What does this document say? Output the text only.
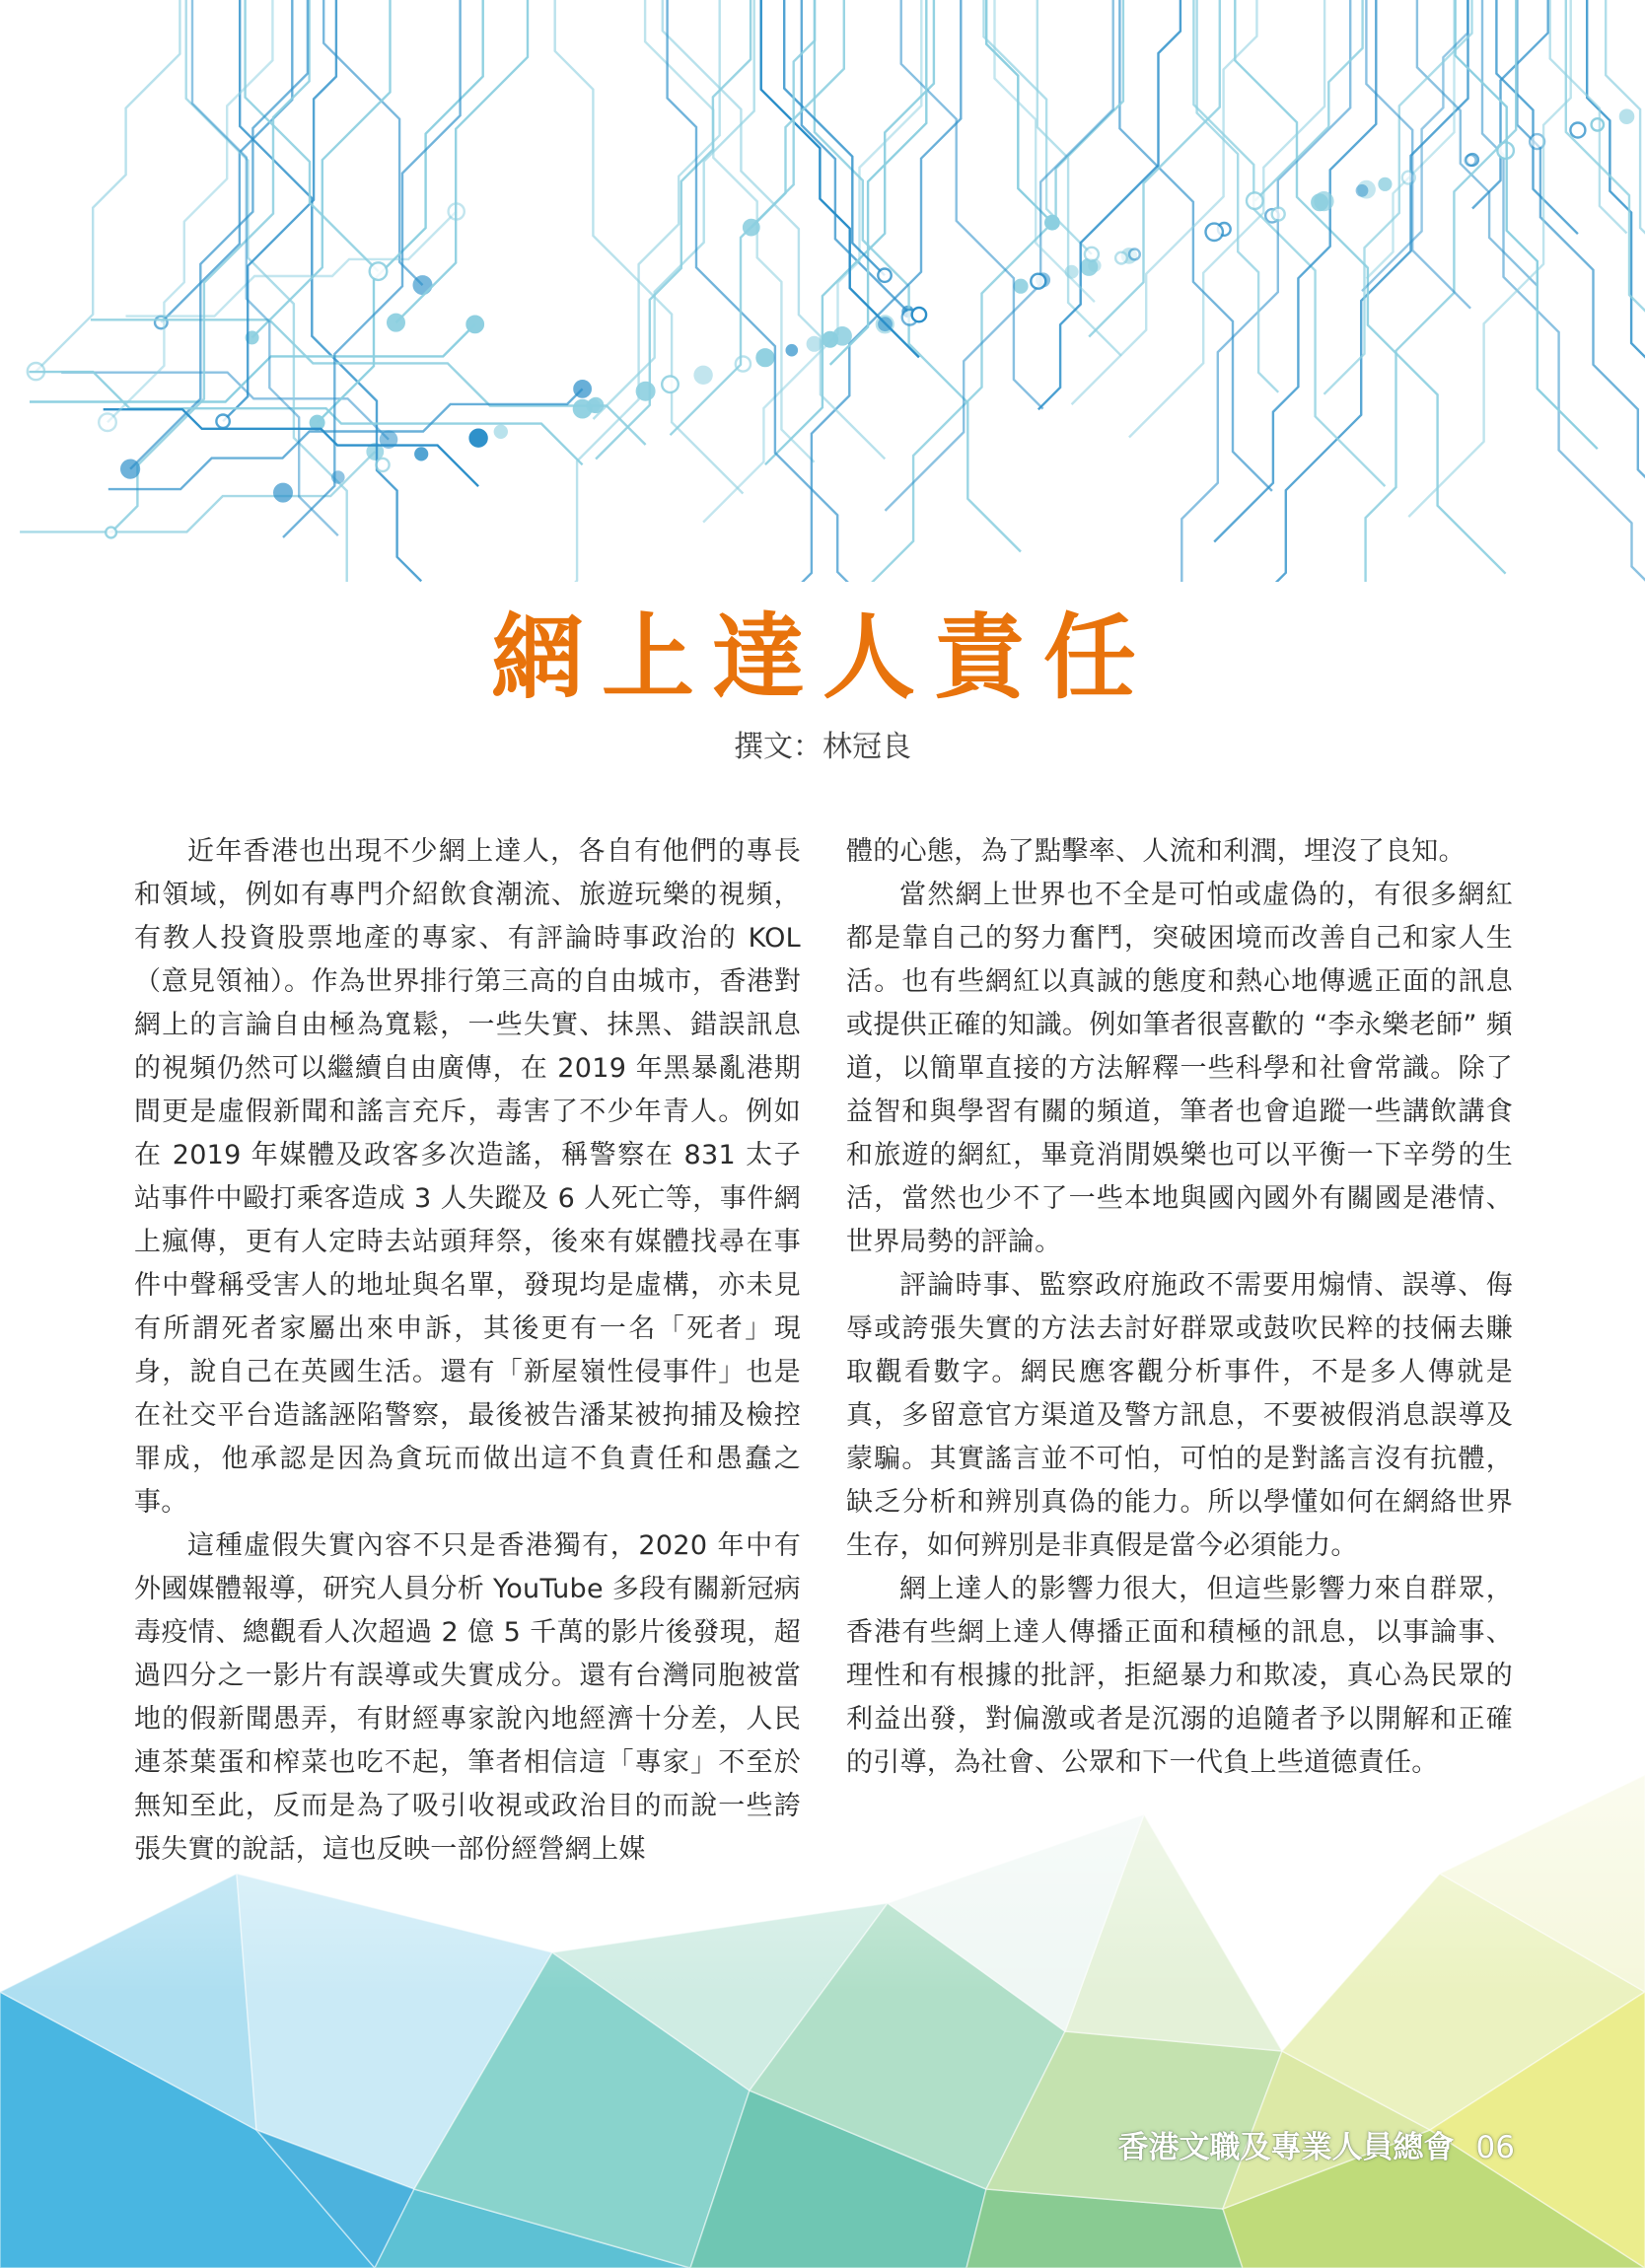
網上達人責任
撰文：林冠良

近年香港也出現不少網上達人，各自有他們的專長和領域，例如有專門介紹飲食潮流、旅遊玩樂的視頻，有教人投資股票地產的專家、有評論時事政治的 KOL（意見領袖）。作為世界排行第三高的自由城市，香港對網上的言論自由極為寬鬆，一些失實、抹黑、錯誤訊息的視頻仍然可以繼續自由廣傳，在 2019 年黑暴亂港期間更是虛假新聞和謠言充斥，毒害了不少年青人。例如在 2019 年媒體及政客多次造謠，稱警察在 831 太子站事件中毆打乘客造成 3 人失蹤及 6 人死亡等，事件網上瘋傳，更有人定時去站頭拜祭，後來有媒體找尋在事件中聲稱受害人的地址與名單，發現均是虛構，亦未見有所謂死者家屬出來申訴，其後更有一名「死者」現身，說自己在英國生活。還有「新屋嶺性侵事件」也是在社交平台造謠誣陷警察，最後被告潘某被拘捕及檢控罪成，他承認是因為貪玩而做出這不負責任和愚蠢之事。

這種虛假失實內容不只是香港獨有，2020 年中有外國媒體報導，研究人員分析 YouTube 多段有關新冠病毒疫情、總觀看人次超過 2 億 5 千萬的影片後發現，超過四分之一影片有誤導或失實成分。還有台灣同胞被當地的假新聞愚弄，有財經專家說內地經濟十分差，人民連茶葉蛋和榨菜也吃不起，筆者相信這「專家」不至於無知至此，反而是為了吸引收視或政治目的而說一些誇張失實的說話，這也反映一部份經營網上媒

體的心態，為了點擊率、人流和利潤，埋沒了良知。

當然網上世界也不全是可怕或虛偽的，有很多網紅都是靠自己的努力奮鬥，突破困境而改善自己和家人生活。也有些網紅以真誠的態度和熱心地傳遞正面的訊息或提供正確的知識。例如筆者很喜歡的 “李永樂老師” 頻道，以簡單直接的方法解釋一些科學和社會常識。除了益智和與學習有關的頻道，筆者也會追蹤一些講飲講食和旅遊的網紅，畢竟消閒娛樂也可以平衡一下辛勞的生活，當然也少不了一些本地與國內國外有關國是港情、世界局勢的評論。

評論時事、監察政府施政不需要用煽情、誤導、侮辱或誇張失實的方法去討好群眾或鼓吹民粹的技倆去賺取觀看數字。網民應客觀分析事件，不是多人傳就是真，多留意官方渠道及警方訊息，不要被假消息誤導及蒙騙。其實謠言並不可怕，可怕的是對謠言沒有抗體，缺乏分析和辨別真偽的能力。所以學懂如何在網絡世界生存，如何辨別是非真假是當今必須能力。

網上達人的影響力很大，但這些影響力來自群眾，香港有些網上達人傳播正面和積極的訊息，以事論事、理性和有根據的批評，拒絕暴力和欺凌，真心為民眾的利益出發，對偏激或者是沉溺的追隨者予以開解和正確的引導，為社會、公眾和下一代負上些道德責任。

香港文職及專業人員總會 06
